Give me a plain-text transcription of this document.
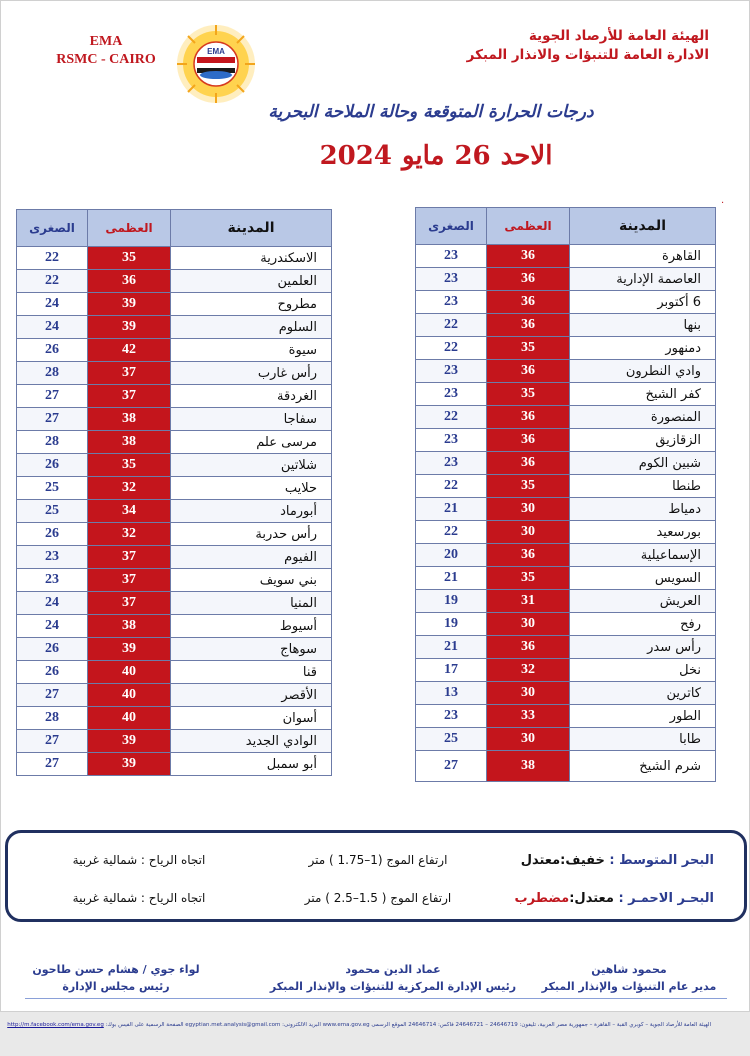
EMA
RSMC - CAIRO
EMA
الهيئة العامة للأرصاد الجوية
الادارة العامة للتنبؤات والانذار المبكر
درجات الحرارة المتوقعة وحالة الملاحة البحرية
الاحد26مايو2024
.
الصغرى	العظمى	المدينة
23	36	القاهرة
23	36	العاصمة الإدارية
23	36	6 أكتوبر
22	36	بنها
22	35	دمنهور
23	36	وادي النطرون
23	35	كفر الشيخ
22	36	المنصورة
23	36	الزقازيق
23	36	شبين الكوم
22	35	طنطا
21	30	دمياط
22	30	بورسعيد
20	36	الإسماعيلية
21	35	السويس
19	31	العريش
19	30	رفح
21	36	رأس سدر
17	32	نخل
13	30	كاترين
23	33	الطور
25	30	طابا
27	38	شرم الشيخ
الصغرى	العظمى	المدينة
22	35	الاسكندرية
22	36	العلمين
24	39	مطروح
24	39	السلوم
26	42	سيوة
28	37	رأس غارب
27	37	الغردقة
27	38	سفاجا
28	38	مرسى علم
26	35	شلاتين
25	32	حلايب
25	34	أبورماد
26	32	رأس حدربة
23	37	الفيوم
23	37	بني سويف
24	37	المنيا
24	38	أسيوط
26	39	سوهاج
26	40	قنا
27	40	الأقصر
28	40	أسوان
27	39	الوادي الجديد
27	39	أبو سمبل
البحر المتوسط : خفيف:معتدل
ارتفاع الموج (1–1.75 ) متر
اتجاه الرياح : شمالية غربية
البحـر الاحمـر : معتدل:مضطرب
ارتفاع الموج ( 1.5–2.5 ) متر
اتجاه الرياح : شمالية غربية
محمود شاهين
مدير عام التنبؤات والإنذار المبكر
عماد الدين محمود
رئيس الإدارة المركزية للتنبؤات والإنذار المبكر
لواء جوي / هشام حسن طاحون
رئيس مجلس الإدارة
الهيئة العامة للأرصاد الجوية – كوبري القبة – القاهرة – جمهورية مصر العربية، تليفون: 24646719 – 24646721 فاكس: 24646714 الموقع الرسمى www.ema.gov.eg البريد الالكترونى: egyptian.met.analysis@gmail.com الصفحة الرسمية على الفيس بوك: http://m.facebook.com/ema.gov.eg
